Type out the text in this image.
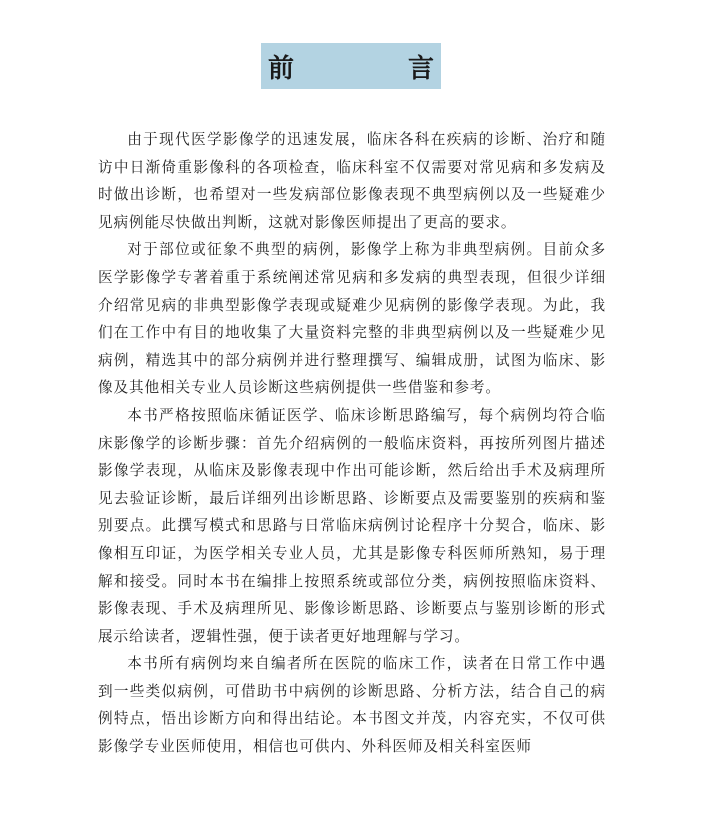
前　言

由于现代医学影像学的迅速发展，临床各科在疾病的诊断、治疗和随访中日渐倚重影像科的各项检查，临床科室不仅需要对常见病和多发病及时做出诊断，也希望对一些发病部位影像表现不典型病例以及一些疑难少见病例能尽快做出判断，这就对影像医师提出了更高的要求。

对于部位或征象不典型的病例，影像学上称为非典型病例。目前众多医学影像学专著着重于系统阐述常见病和多发病的典型表现，但很少详细介绍常见病的非典型影像学表现或疑难少见病例的影像学表现。为此，我们在工作中有目的地收集了大量资料完整的非典型病例以及一些疑难少见病例，精选其中的部分病例并进行整理撰写、编辑成册，试图为临床、影像及其他相关专业人员诊断这些病例提供一些借鉴和参考。

本书严格按照临床循证医学、临床诊断思路编写，每个病例均符合临床影像学的诊断步骤：首先介绍病例的一般临床资料，再按所列图片描述影像学表现，从临床及影像表现中作出可能诊断，然后给出手术及病理所见去验证诊断，最后详细列出诊断思路、诊断要点及需要鉴别的疾病和鉴别要点。此撰写模式和思路与日常临床病例讨论程序十分契合，临床、影像相互印证，为医学相关专业人员，尤其是影像专科医师所熟知，易于理解和接受。同时本书在编排上按照系统或部位分类，病例按照临床资料、影像表现、手术及病理所见、影像诊断思路、诊断要点与鉴别诊断的形式展示给读者，逻辑性强，便于读者更好地理解与学习。

本书所有病例均来自编者所在医院的临床工作，读者在日常工作中遇到一些类似病例，可借助书中病例的诊断思路、分析方法，结合自己的病例特点，悟出诊断方向和得出结论。本书图文并茂，内容充实，不仅可供影像学专业医师使用，相信也可供内、外科医师及相关科室医师
